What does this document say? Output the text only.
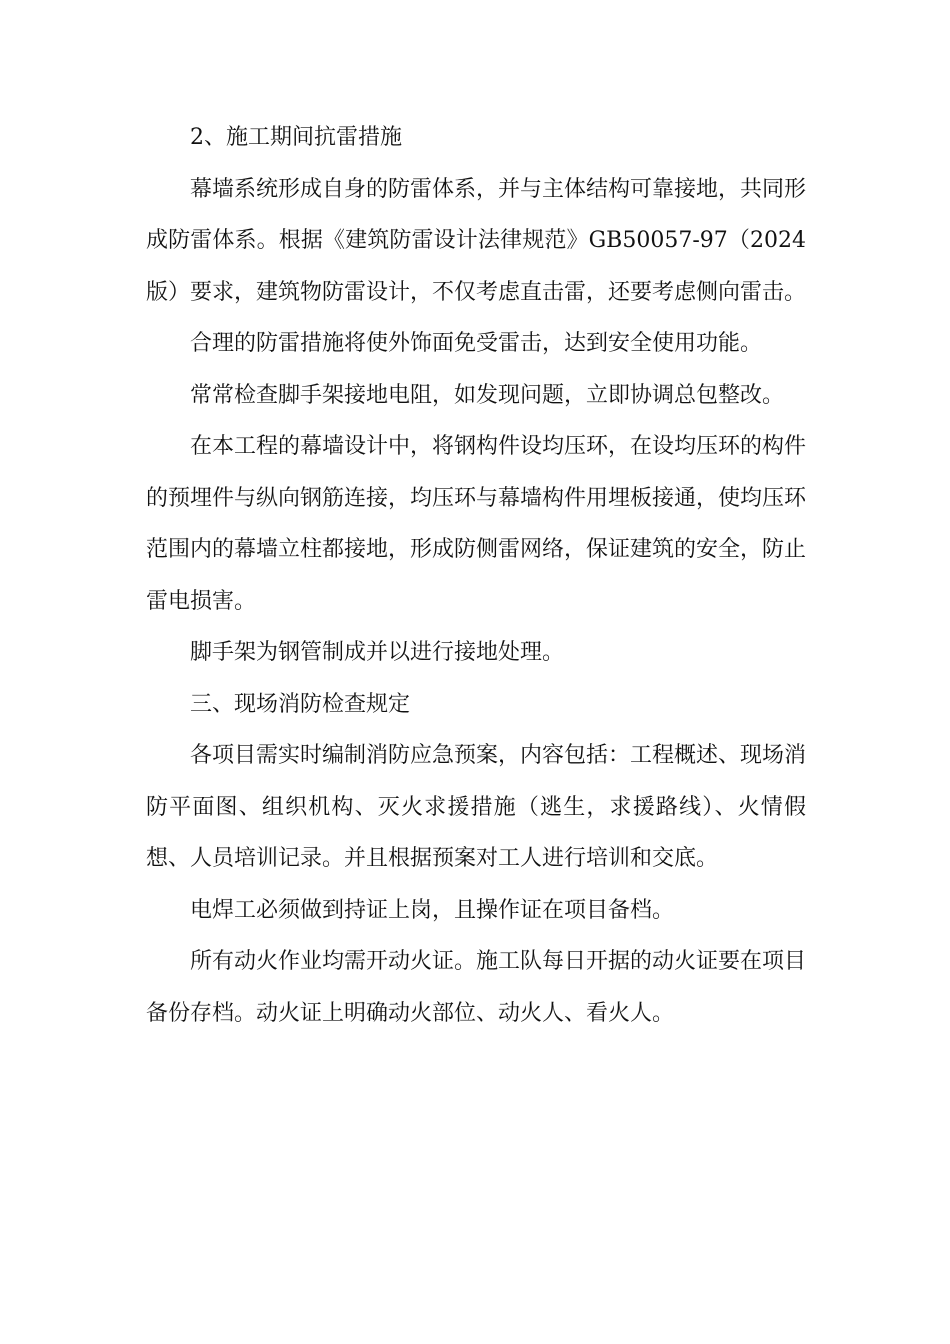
2、施工期间抗雷措施

幕墙系统形成自身的防雷体系，并与主体结构可靠接地，共同形成防雷体系。根据《建筑防雷设计法律规范》GB50057-97（2024版）要求，建筑物防雷设计，不仅考虑直击雷，还要考虑侧向雷击。

合理的防雷措施将使外饰面免受雷击，达到安全使用功能。

常常检查脚手架接地电阻，如发现问题，立即协调总包整改。

在本工程的幕墙设计中，将钢构件设均压环，在设均压环的构件的预埋件与纵向钢筋连接，均压环与幕墙构件用埋板接通，使均压环范围内的幕墙立柱都接地，形成防侧雷网络，保证建筑的安全，防止雷电损害。

脚手架为钢管制成并以进行接地处理。

三、现场消防检查规定

各项目需实时编制消防应急预案，内容包括：工程概述、现场消防平面图、组织机构、灭火求援措施（逃生，求援路线）、火情假想、人员培训记录。并且根据预案对工人进行培训和交底。

电焊工必须做到持证上岗，且操作证在项目备档。

所有动火作业均需开动火证。施工队每日开据的动火证要在项目备份存档。动火证上明确动火部位、动火人、看火人。
